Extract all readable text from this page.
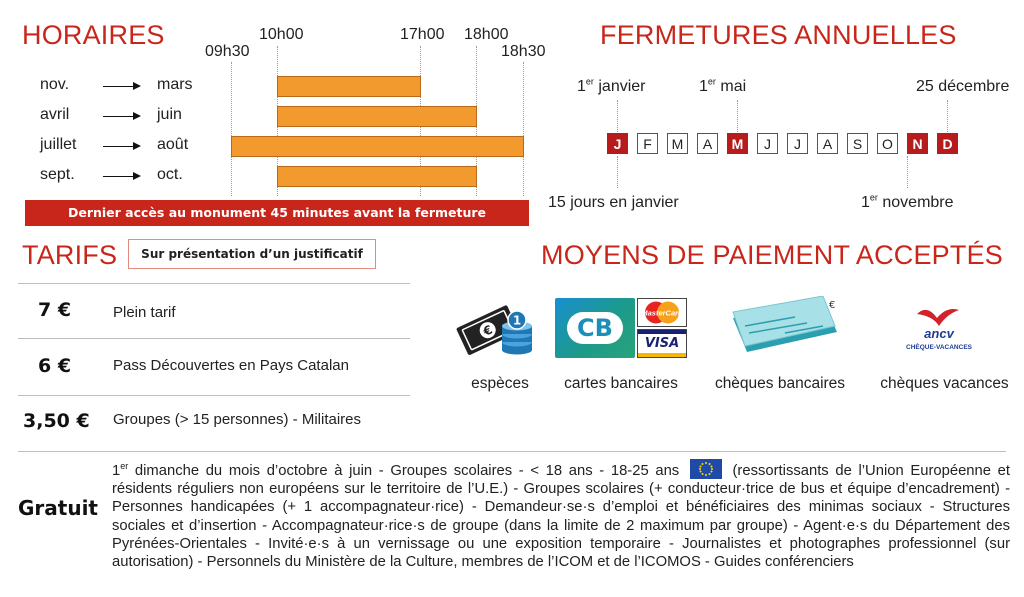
HORAIRES
09h30
10h00	17h00 18h00
18h30
nov.	mars
avril	juin
juillet	août
sept.	oct.
Dernier accès au monument 45 minutes avant la fermeture
FERMETURES ANNUELLES
1er janvier	1er mai	25 décembre
J	F	M	A	M	J	J	A	S	O	N	D
15 jours en janvier	1er novembre
TARIFS	Sur présentation d’un justificatif
7 €	Plein tarif
6 €	Pass Découvertes en Pays Catalan
3,50 € Groupes (> 15 personnes) - Militaires
Gratuit
1er dimanche du mois d’octobre à juin - Groupes scolaires - < 18 ans - 18-25 ans	(ressortissants de l’Union Européenne et résidents réguliers non européens sur le territoire de l’U.E.) - Groupes scolaires (+ conducteur·trice de bus et équipe d’encadrement) - Personnes handicapées (+ 1 accompagnateur·rice) - Demandeur·se·s d’emploi et bénéficiaires des minimas sociaux - Structures sociales et d’insertion - Accompagnateur·rice·s de groupe (dans la limite de 2 maximum par groupe) - Agent·e·s du Département des Pyrénées-Orientales - Invité·e·s à un vernissage ou une exposition temporaire - Journalistes et photographes professionnel (sur autorisation) - Personnels du Ministère de la Culture, membres de l’ICOM et de l’ICOMOS - Guides conférenciers
MOYENS DE PAIEMENT ACCEPTÉS
€
1	CB
MasterCard
VISA
€
ancv
CHÈQUE-VACANCES
espèces	cartes bancaires	chèques bancaires	chèques vacances
